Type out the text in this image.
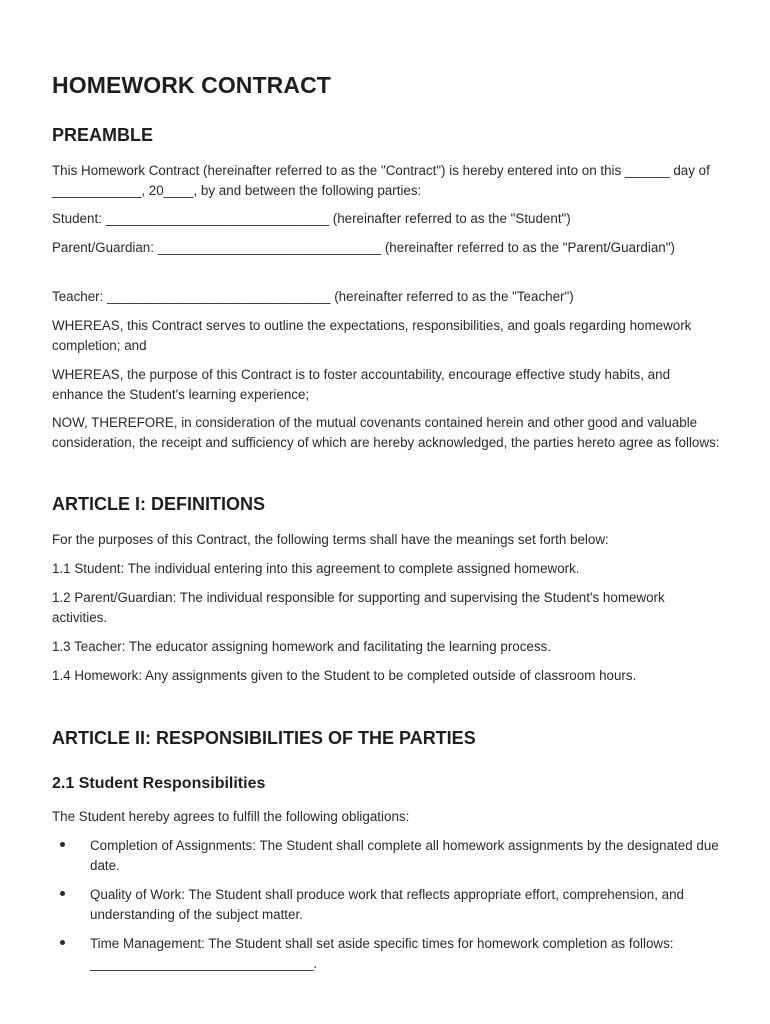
HOMEWORK CONTRACT
PREAMBLE

This Homework Contract (hereinafter referred to as the "Contract") is hereby entered into on this ______ day of ____________, 20____, by and between the following parties:

Student: ______________________________ (hereinafter referred to as the "Student")

Parent/Guardian: ______________________________ (hereinafter referred to as the "Parent/Guardian")

Teacher: ______________________________ (hereinafter referred to as the "Teacher")

WHEREAS, this Contract serves to outline the expectations, responsibilities, and goals regarding homework completion; and

WHEREAS, the purpose of this Contract is to foster accountability, encourage effective study habits, and enhance the Student's learning experience;

NOW, THEREFORE, in consideration of the mutual covenants contained herein and other good and valuable consideration, the receipt and sufficiency of which are hereby acknowledged, the parties hereto agree as follows:

ARTICLE I: DEFINITIONS

For the purposes of this Contract, the following terms shall have the meanings set forth below:

1.1 Student: The individual entering into this agreement to complete assigned homework.

1.2 Parent/Guardian: The individual responsible for supporting and supervising the Student's homework activities.

1.3 Teacher: The educator assigning homework and facilitating the learning process.

1.4 Homework: Any assignments given to the Student to be completed outside of classroom hours.

ARTICLE II: RESPONSIBILITIES OF THE PARTIES
2.1 Student Responsibilities

The Student hereby agrees to fulfill the following obligations:

Completion of Assignments: The Student shall complete all homework assignments by the designated due date.
Quality of Work: The Student shall produce work that reflects appropriate effort, comprehension, and understanding of the subject matter.
Time Management: The Student shall set aside specific times for homework completion as follows: ______________________________.
